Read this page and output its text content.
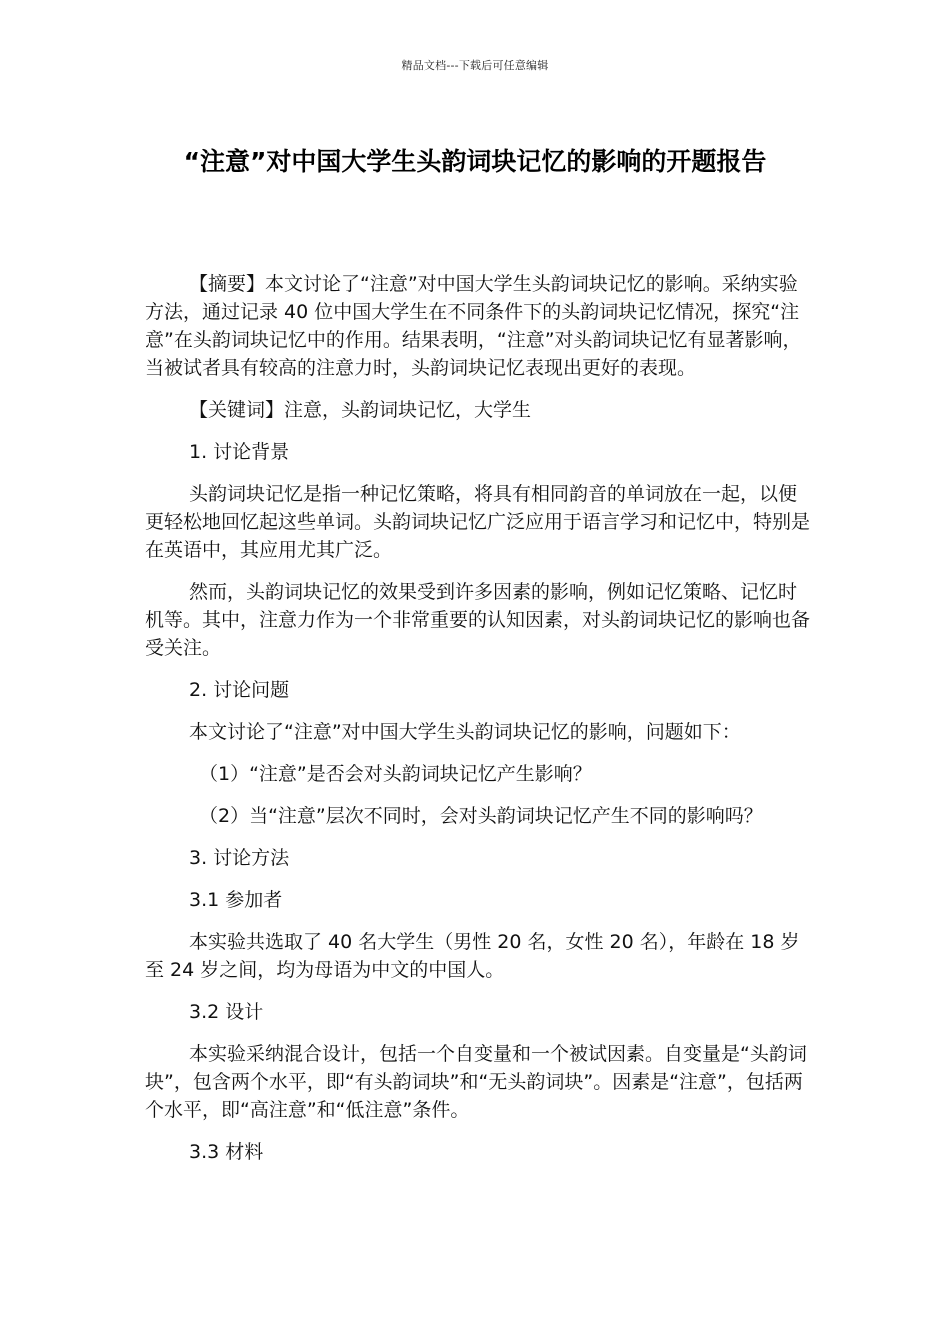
精品文档---下载后可任意编辑
“注意”对中国大学生头韵词块记忆的影响的开题报告

【摘要】本文讨论了“注意”对中国大学生头韵词块记忆的影响。采纳实验方法，通过记录 40 位中国大学生在不同条件下的头韵词块记忆情况，探究“注意”在头韵词块记忆中的作用。结果表明，“注意”对头韵词块记忆有显著影响，当被试者具有较高的注意力时，头韵词块记忆表现出更好的表现。

【关键词】注意，头韵词块记忆，大学生

1. 讨论背景

头韵词块记忆是指一种记忆策略，将具有相同韵音的单词放在一起，以便更轻松地回忆起这些单词。头韵词块记忆广泛应用于语言学习和记忆中，特别是在英语中，其应用尤其广泛。

然而，头韵词块记忆的效果受到许多因素的影响，例如记忆策略、记忆时机等。其中，注意力作为一个非常重要的认知因素，对头韵词块记忆的影响也备受关注。

2. 讨论问题

本文讨论了“注意”对中国大学生头韵词块记忆的影响，问题如下：

（1）“注意”是否会对头韵词块记忆产生影响？

（2）当“注意”层次不同时，会对头韵词块记忆产生不同的影响吗？

3. 讨论方法

3.1 参加者

本实验共选取了 40 名大学生（男性 20 名，女性 20 名），年龄在 18 岁至 24 岁之间，均为母语为中文的中国人。

3.2 设计

本实验采纳混合设计，包括一个自变量和一个被试因素。自变量是“头韵词块”，包含两个水平，即“有头韵词块”和“无头韵词块”。因素是“注意”，包括两个水平，即“高注意”和“低注意”条件。

3.3 材料
